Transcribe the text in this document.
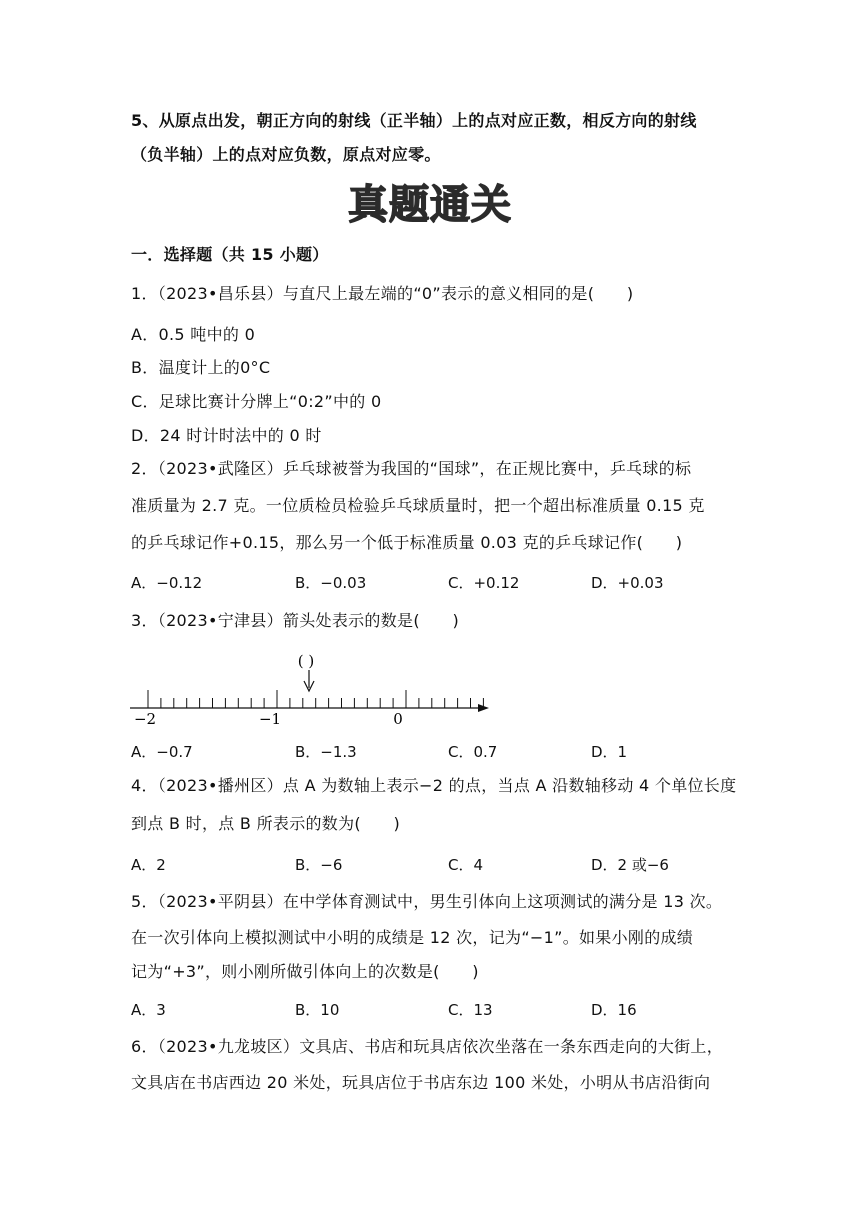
5、从原点出发，朝正方向的射线（正半轴）上的点对应正数，相反方向的射线
（负半轴）上的点对应负数，原点对应零。
真题通关
一．选择题（共 15 小题）
1．（2023•昌乐县）与直尺上最左端的“0”表示的意义相同的是(　　)
A．0.5 吨中的 0
B．温度计上的0°C
C．足球比赛计分牌上“0:2”中的 0
D．24 时计时法中的 0 时
2．（2023•武隆区）乒乓球被誉为我国的“国球”，在正规比赛中，乒乓球的标
准质量为 2.7 克。一位质检员检验乒乓球质量时，把一个超出标准质量 0.15 克
的乒乓球记作+0.15，那么另一个低于标准质量 0.03 克的乒乓球记作(　　)
A．−0.12	B．−0.03	C．+0.12	D．+0.03
3．（2023•宁津县）箭头处表示的数是(　　)
( )
−2	−1	0
A．−0.7	B．−1.3	C．0.7	D．1
4．（2023•播州区）点 A 为数轴上表示−2 的点，当点 A 沿数轴移动 4 个单位长度
到点 B 时，点 B 所表示的数为(　　)
A．2	B．−6	C．4	D．2 或−6
5．（2023•平阴县）在中学体育测试中，男生引体向上这项测试的满分是 13 次。
在一次引体向上模拟测试中小明的成绩是 12 次，记为“−1”。如果小刚的成绩
记为“+3”，则小刚所做引体向上的次数是(　　)
A．3	B．10	C．13	D．16
6．（2023•九龙坡区）文具店、书店和玩具店依次坐落在一条东西走向的大街上，
文具店在书店西边 20 米处，玩具店位于书店东边 100 米处，小明从书店沿街向
